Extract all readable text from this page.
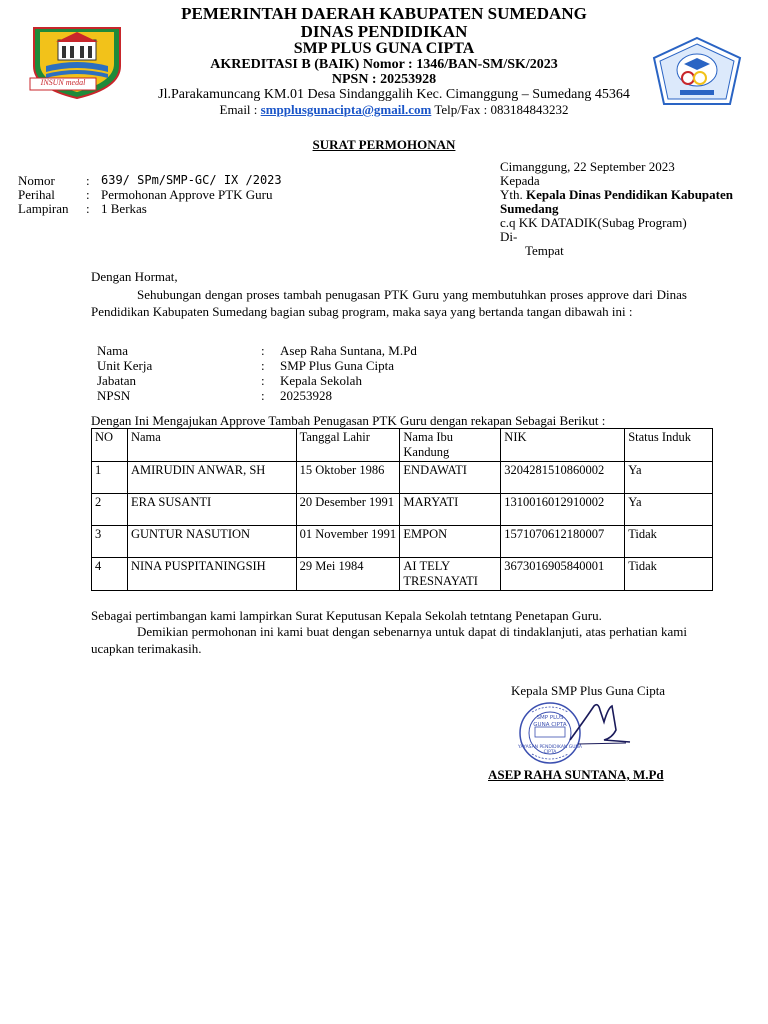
INSUN medal
PEMERINTAH DAERAH KABUPATEN SUMEDANG
DINAS PENDIDIKAN
SMP PLUS GUNA CIPTA
AKREDITASI B (BAIK) Nomor : 1346/BAN-SM/SK/2023
NPSN : 20253928
Jl.Parakamuncang KM.01 Desa Sindanggalih Kec. Cimanggung – Sumedang 45364
Email : smpplusgunacipta@gmail.com Telp/Fax : 083184843232
SURAT PERMOHONAN
Nomor : 639/ SPm/SMP-GC/ IX /2023
Perihal : Permohonan Approve PTK Guru
Lampiran : 1 Berkas
Cimanggung, 22 September 2023
Kepada
Yth. Kepala Dinas Pendidikan Kabupaten
Sumedang
c.q KK DATADIK(Subag Program)
Di-
Tempat
Dengan Hormat,
Sehubungan dengan proses tambah penugasan PTK Guru yang membutuhkan proses approve dari Dinas Pendidikan Kabupaten Sumedang bagian subag program, maka saya yang bertanda tangan dibawah ini :
Nama	: Asep Raha Suntana, M.Pd
Unit Kerja	: SMP Plus Guna Cipta
Jabatan	: Kepala Sekolah
NPSN	: 20253928
Dengan Ini Mengajukan Approve Tambah Penugasan PTK Guru dengan rekapan Sebagai Berikut :
NO	Nama	Tanggal Lahir	Nama Ibu Kandung	NIK	Status Induk
1	AMIRUDIN ANWAR, SH	15 Oktober 1986	ENDAWATI	3204281510860002	Ya
2	ERA SUSANTI	20 Desember 1991	MARYATI	1310016012910002	Ya
3	GUNTUR NASUTION	01 November 1991	EMPON	1571070612180007	Tidak
4	NINA PUSPITANINGSIH	29 Mei 1984	AI TELY TRESNAYATI	3673016905840001	Tidak
Sebagai pertimbangan kami lampirkan Surat Keputusan Kepala Sekolah tetntang Penetapan Guru.
Demikian permohonan ini kami buat dengan sebenarnya untuk dapat di tindaklanjuti, atas perhatian kami ucapkan terimakasih.
Kepala SMP Plus Guna Cipta
SMP PLUS GUNA CIPTA
YAYASAN PENDIDIKAN GUNA CIPTA
ASEP RAHA SUNTANA, M.Pd
